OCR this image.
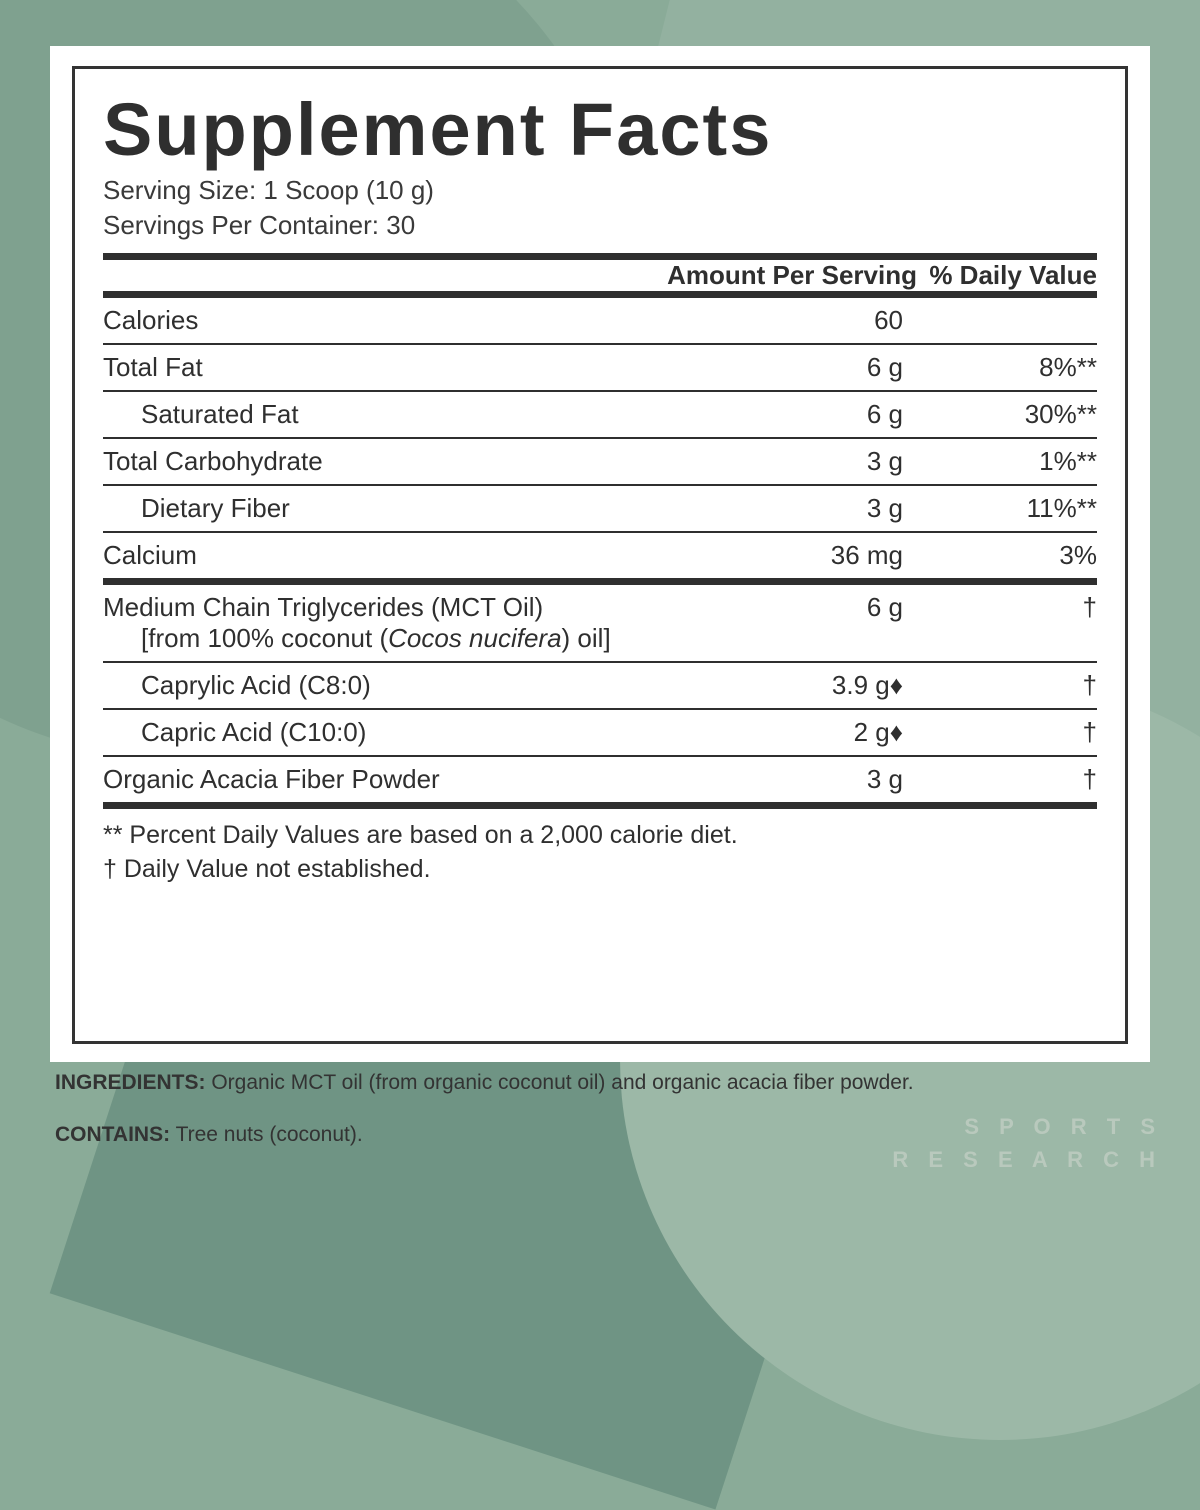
Supplement Facts
Serving Size: 1 Scoop (10 g)
Servings Per Container: 30
	Amount Per Serving	% Daily Value
Calories	60	
Total Fat	6 g	8%**
Saturated Fat	6 g	30%**
Total Carbohydrate	3 g	1%**
Dietary Fiber	3 g	11%**
Calcium	36 mg	3%
Medium Chain Triglycerides (MCT Oil)
[from 100% coconut (Cocos nucifera) oil]	6 g	†
Caprylic Acid (C8:0)	3.9 g♦	†
Capric Acid (C10:0)	2 g♦	†
Organic Acacia Fiber Powder	3 g	†

** Percent Daily Values are based on a 2,000 calorie diet.
† Daily Value not established.
INGREDIENTS: Organic MCT oil (from organic coconut oil) and organic acacia fiber powder.
CONTAINS: Tree nuts (coconut).	S P O R T S
R E S E A R C H
